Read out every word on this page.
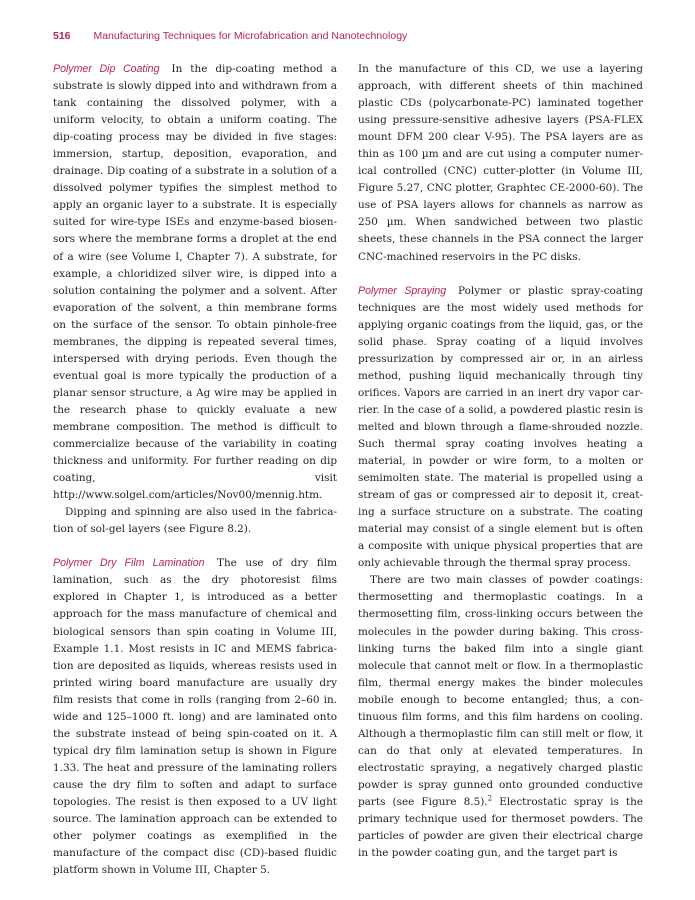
516 Manufacturing Techniques for Microfabrication and Nanotechnology

Polymer Dip Coating In the dip-coating method a substrate is slowly dipped into and withdrawn from a tank containing the dissolved polymer, with a uniform velocity, to obtain a uniform coating. The dip-coating process may be divided in five stages: immersion, startup, deposition, evaporation, and drainage. Dip coating of a substrate in a solution of a dissolved polymer typifies the simplest method to apply an organic layer to a substrate. It is especially suited for wire-type ISEs and enzyme-based biosensors where the membrane forms a droplet at the end of a wire (see Volume I, Chapter 7). A substrate, for example, a chloridized silver wire, is dipped into a solution containing the polymer and a solvent. After evaporation of the solvent, a thin membrane forms on the surface of the sensor. To obtain pinhole-free membranes, the dipping is repeated several times, interspersed with drying periods. Even though the eventual goal is more typically the production of a planar sensor structure, a Ag wire may be applied in the research phase to quickly evaluate a new membrane composition. The method is difficult to commercialize because of the variability in coating thickness and uniformity. For further reading on dip coating, visit http://www.solgel.com/articles/Nov00/mennig.htm.

Dipping and spinning are also used in the fabrication of sol-gel layers (see Figure 8.2).

Polymer Dry Film Lamination The use of dry film lamination, such as the dry photoresist films explored in Chapter 1, is introduced as a better approach for the mass manufacture of chemical and biological sensors than spin coating in Volume III, Example 1.1. Most resists in IC and MEMS fabrication are deposited as liquids, whereas resists used in printed wiring board manufacture are usually dry film resists that come in rolls (ranging from 2–60 in. wide and 125–1000 ft. long) and are laminated onto the substrate instead of being spin-coated on it. A typical dry film lamination setup is shown in Figure 1.33. The heat and pressure of the laminating rollers cause the dry film to soften and adapt to surface topologies. The resist is then exposed to a UV light source. The lamination approach can be extended to other polymer coatings as exemplified in the manufacture of the compact disc (CD)-based fluidic platform shown in Volume III, Chapter 5.

In the manufacture of this CD, we use a layering approach, with different sheets of thin machined plastic CDs (polycarbonate-PC) laminated together using pressure-sensitive adhesive layers (PSA-FLEX mount DFM 200 clear V-95). The PSA layers are as thin as 100 µm and are cut using a computer numerical controlled (CNC) cutter-plotter (in Volume III, Figure 5.27, CNC plotter, Graphtec CE-2000-60). The use of PSA layers allows for channels as narrow as 250 µm. When sandwiched between two plastic sheets, these channels in the PSA connect the larger CNC-machined reservoirs in the PC disks.

Polymer Spraying Polymer or plastic spray-coating techniques are the most widely used methods for applying organic coatings from the liquid, gas, or the solid phase. Spray coating of a liquid involves pressurization by compressed air or, in an airless method, pushing liquid mechanically through tiny orifices. Vapors are carried in an inert dry vapor carrier. In the case of a solid, a powdered plastic resin is melted and blown through a flame-shrouded nozzle. Such thermal spray coating involves heating a material, in powder or wire form, to a molten or semimolten state. The material is propelled using a stream of gas or compressed air to deposit it, creating a surface structure on a substrate. The coating material may consist of a single element but is often a composite with unique physical properties that are only achievable through the thermal spray process.

There are two main classes of powder coatings: thermosetting and thermoplastic coatings. In a thermosetting film, cross-linking occurs between the molecules in the powder during baking. This cross-linking turns the baked film into a single giant molecule that cannot melt or flow. In a thermoplastic film, thermal energy makes the binder molecules mobile enough to become entangled; thus, a continuous film forms, and this film hardens on cooling. Although a thermoplastic film can still melt or flow, it can do that only at elevated temperatures. In electrostatic spraying, a negatively charged plastic powder is spray gunned onto grounded conductive parts (see Figure 8.5).$^2$ Electrostatic spray is the primary technique used for thermoset powders. The particles of powder are given their electrical charge in the powder coating gun, and the target part is
